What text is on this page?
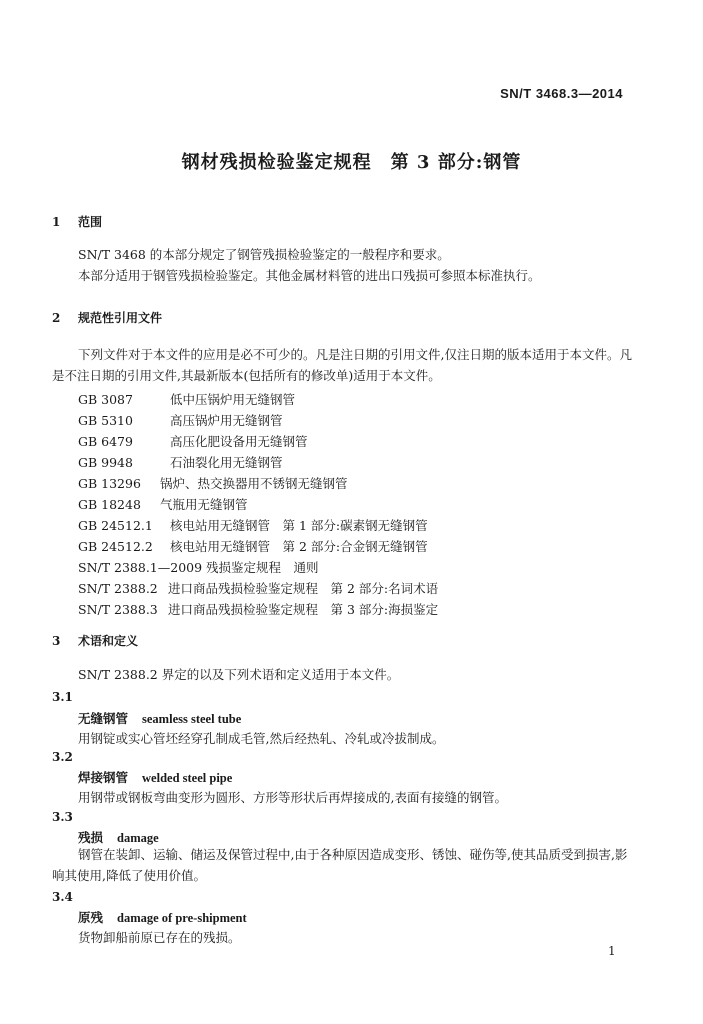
SN/T 3468.3—2014
钢材残损检验鉴定规程　第 3 部分:钢管
1 范围
SN/T 3468 的本部分规定了钢管残损检验鉴定的一般程序和要求。
本部分适用于钢管残损检验鉴定。其他金属材料管的进出口残损可参照本标准执行。
2 规范性引用文件
下列文件对于本文件的应用是必不可少的。凡是注日期的引用文件,仅注日期的版本适用于本文件。凡是不注日期的引用文件,其最新版本(包括所有的修改单)适用于本文件。
GB 3087	低中压锅炉用无缝钢管
GB 5310	高压锅炉用无缝钢管
GB 6479	高压化肥设备用无缝钢管
GB 9948	石油裂化用无缝钢管
GB 13296 锅炉、热交换器用不锈钢无缝钢管
GB 18248 气瓶用无缝钢管
GB 24512.1 核电站用无缝钢管　第 1 部分:碳素钢无缝钢管
GB 24512.2 核电站用无缝钢管　第 2 部分:合金钢无缝钢管
SN/T 2388.1—2009 残损鉴定规程　通则
SN/T 2388.2 进口商品残损检验鉴定规程　第 2 部分:名词术语
SN/T 2388.3 进口商品残损检验鉴定规程　第 3 部分:海损鉴定
3 术语和定义
SN/T 2388.2 界定的以及下列术语和定义适用于本文件。
3.1
无缝钢管 seamless steel tube
用钢锭或实心管坯经穿孔制成毛管,然后经热轧、冷轧或冷拔制成。
3.2
焊接钢管 welded steel pipe
用钢带或钢板弯曲变形为圆形、方形等形状后再焊接成的,表面有接缝的钢管。
3.3
残损 damage
钢管在装卸、运输、储运及保管过程中,由于各种原因造成变形、锈蚀、碰伤等,使其品质受到损害,影响其使用,降低了使用价值。
3.4
原残 damage of pre-shipment
货物卸船前原已存在的残损。
1
